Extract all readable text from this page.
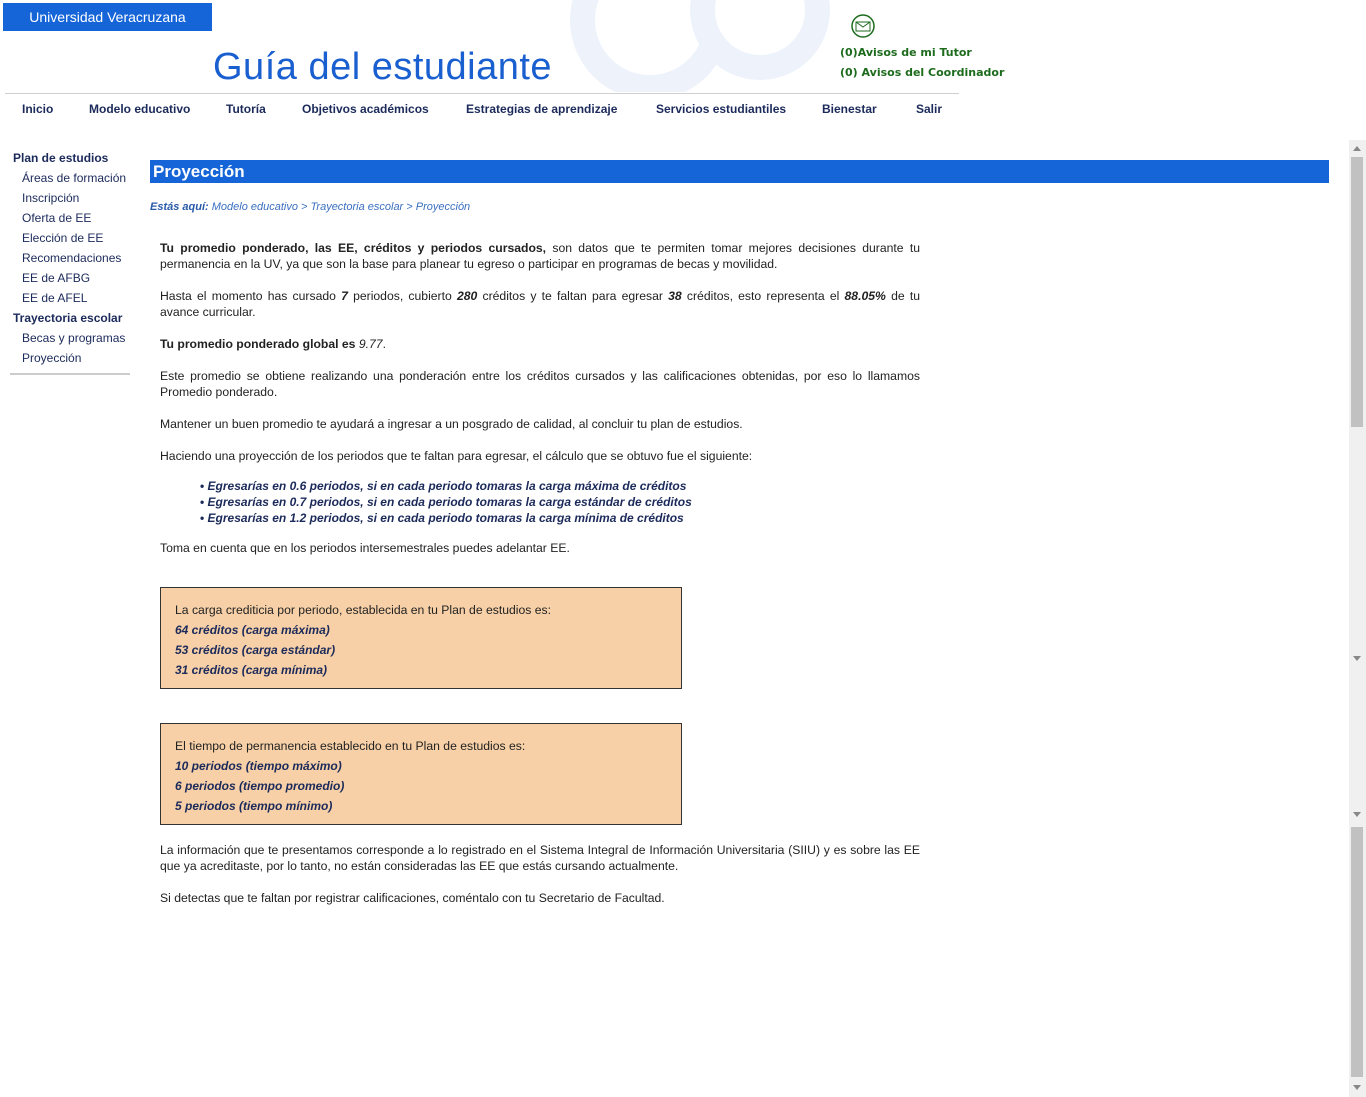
Universidad Veracruzana
Guía del estudiante	(0)Avisos de mi Tutor
(0) Avisos del Coordinador
Inicio	Modelo educativo	Tutoría	Objetivos académicos	Estrategias de aprendizaje	Servicios estudiantiles	Bienestar	Salir
Plan de estudios
Áreas de formación
Inscripción
Oferta de EE
Elección de EE
Recomendaciones
EE de AFBG
EE de AFEL
Trayectoria escolar
Becas y programas
Proyección
Proyección
Estás aquí: Modelo educativo > Trayectoria escolar > Proyección

Tu promedio ponderado, las EE, créditos y periodos cursados, son datos que te permiten tomar mejores decisiones durante tu permanencia en la UV, ya que son la base para planear tu egreso o participar en programas de becas y movilidad.

Hasta el momento has cursado 7 periodos, cubierto 280 créditos y te faltan para egresar 38 créditos, esto representa el 88.05% de tu avance curricular.

Tu promedio ponderado global es 9.77.

Este promedio se obtiene realizando una ponderación entre los créditos cursados y las calificaciones obtenidas, por eso lo llamamos Promedio ponderado.

Mantener un buen promedio te ayudará a ingresar a un posgrado de calidad, al concluir tu plan de estudios.

Haciendo una proyección de los periodos que te faltan para egresar, el cálculo que se obtuvo fue el siguiente:

• Egresarías en 0.6 periodos, si en cada periodo tomaras la carga máxima de créditos
• Egresarías en 0.7 periodos, si en cada periodo tomaras la carga estándar de créditos
• Egresarías en 1.2 periodos, si en cada periodo tomaras la carga mínima de créditos

Toma en cuenta que en los periodos intersemestrales puedes adelantar EE.

La carga crediticia por periodo, establecida en tu Plan de estudios es:
64 créditos (carga máxima)
53 créditos (carga estándar)
31 créditos (carga mínima)
El tiempo de permanencia establecido en tu Plan de estudios es:
10 periodos (tiempo máximo)
6 periodos (tiempo promedio)
5 periodos (tiempo mínimo)

La información que te presentamos corresponde a lo registrado en el Sistema Integral de Información Universitaria (SIIU) y es sobre las EE que ya acreditaste, por lo tanto, no están consideradas las EE que estás cursando actualmente.

Si detectas que te faltan por registrar calificaciones, coméntalo con tu Secretario de Facultad.
